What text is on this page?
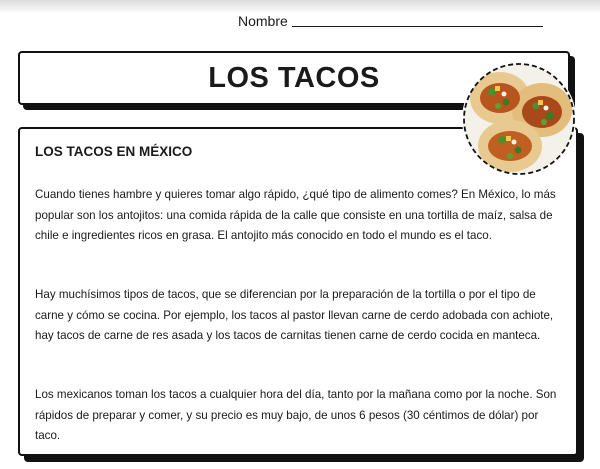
Nombre
LOS TACOS
LOS TACOS EN MÉXICO

Cuando tienes hambre y quieres tomar algo rápido, ¿qué tipo de alimento comes? En México, lo más popular son los antojitos: una comida rápida de la calle que consiste en una tortilla de maíz, salsa de chile e ingredientes ricos en grasa. El antojito más conocido en todo el mundo es el taco.

Hay muchísimos tipos de tacos, que se diferencian por la preparación de la tortilla o por el tipo de carne y cómo se cocina. Por ejemplo, los tacos al pastor llevan carne de cerdo adobada con achiote, hay tacos de carne de res asada y los tacos de carnitas tienen carne de cerdo cocida en manteca.

Los mexicanos toman los tacos a cualquier hora del día, tanto por la mañana como por la noche. Son rápidos de preparar y comer, y su precio es muy bajo, de unos 6 pesos (30 céntimos de dólar) por taco.
